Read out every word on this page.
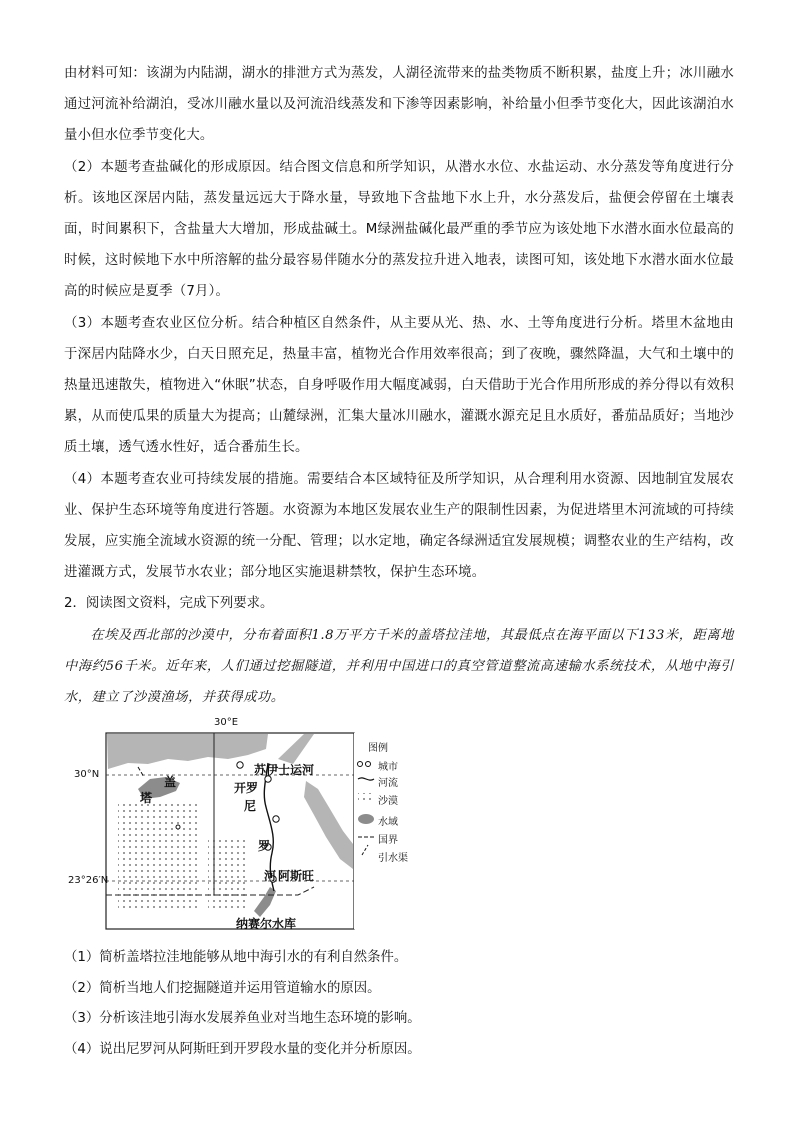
由材料可知：该湖为内陆湖，湖水的排泄方式为蒸发，人湖径流带来的盐类物质不断积累，盐度上升；冰川融水通过河流补给湖泊，受冰川融水量以及河流沿线蒸发和下渗等因素影响，补给量小但季节变化大，因此该湖泊水量小但水位季节变化大。

（2）本题考查盐碱化的形成原因。结合图文信息和所学知识，从潜水水位、水盐运动、水分蒸发等角度进行分析。该地区深居内陆，蒸发量远远大于降水量，导致地下含盐地下水上升，水分蒸发后，盐便会停留在土壤表面，时间累积下，含盐量大大增加，形成盐碱土。M绿洲盐碱化最严重的季节应为该处地下水潜水面水位最高的时候，这时候地下水中所溶解的盐分最容易伴随水分的蒸发拉升进入地表，读图可知，该处地下水潜水面水位最高的时候应是夏季（7月）。

（3）本题考查农业区位分析。结合种植区自然条件，从主要从光、热、水、土等角度进行分析。塔里木盆地由于深居内陆降水少，白天日照充足，热量丰富，植物光合作用效率很高；到了夜晚，骤然降温，大气和土壤中的热量迅速散失，植物进入“休眠”状态，自身呼吸作用大幅度减弱，白天借助于光合作用所形成的养分得以有效积累，从而使瓜果的质量大为提高；山麓绿洲，汇集大量冰川融水，灌溉水源充足且水质好，番茄品质好；当地沙质土壤，透气透水性好，适合番茄生长。

（4）本题考查农业可持续发展的措施。需要结合本区域特征及所学知识，从合理利用水资源、因地制宜发展农业、保护生态环境等角度进行答题。水资源为本地区发展农业生产的限制性因素，为促进塔里木河流域的可持续发展，应实施全流域水资源的统一分配、管理；以水定地，确定各绿洲适宜发展规模；调整农业的生产结构，改进灌溉方式，发展节水农业；部分地区实施退耕禁牧，保护生态环境。

2．阅读图文资料，完成下列要求。

在埃及西北部的沙漠中，分布着面积1.8万平方千米的盖塔拉洼地，其最低点在海平面以下133米，距离地中海约56千米。近年来，人们通过挖掘隧道，并利用中国进口的真空管道整流高速输水系统技术，从地中海引水，建立了沙漠渔场，并获得成功。

30°E
30°N
23°26′N
盖
塔
开罗
尼
罗
河
苏伊士运河
阿斯旺
纳赛尔水库
图例
城市
河流
沙漠
水域
国界
引水渠

（1）简析盖塔拉洼地能够从地中海引水的有利自然条件。

（2）简析当地人们挖掘隧道并运用管道输水的原因。

（3）分析该洼地引海水发展养鱼业对当地生态环境的影响。

（4）说出尼罗河从阿斯旺到开罗段水量的变化并分析原因。
